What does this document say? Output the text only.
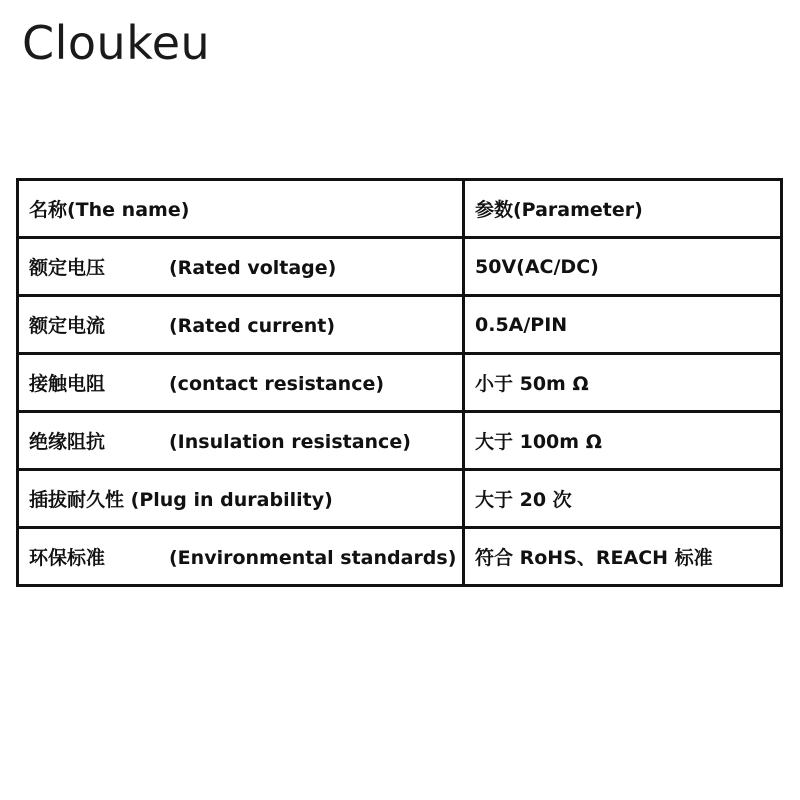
Cloukeu
名称(The name)	参数(Parameter)
额定电压 (Rated voltage)	50V(AC/DC)
额定电流 (Rated current)	0.5A/PIN
接触电阻 (contact resistance)	小于 50m Ω
绝缘阻抗 (Insulation resistance)	大于 100m Ω
插拔耐久性 (Plug in durability)	大于 20 次
环保标准 (Environmental standards)	符合 RoHS、REACH 标准
